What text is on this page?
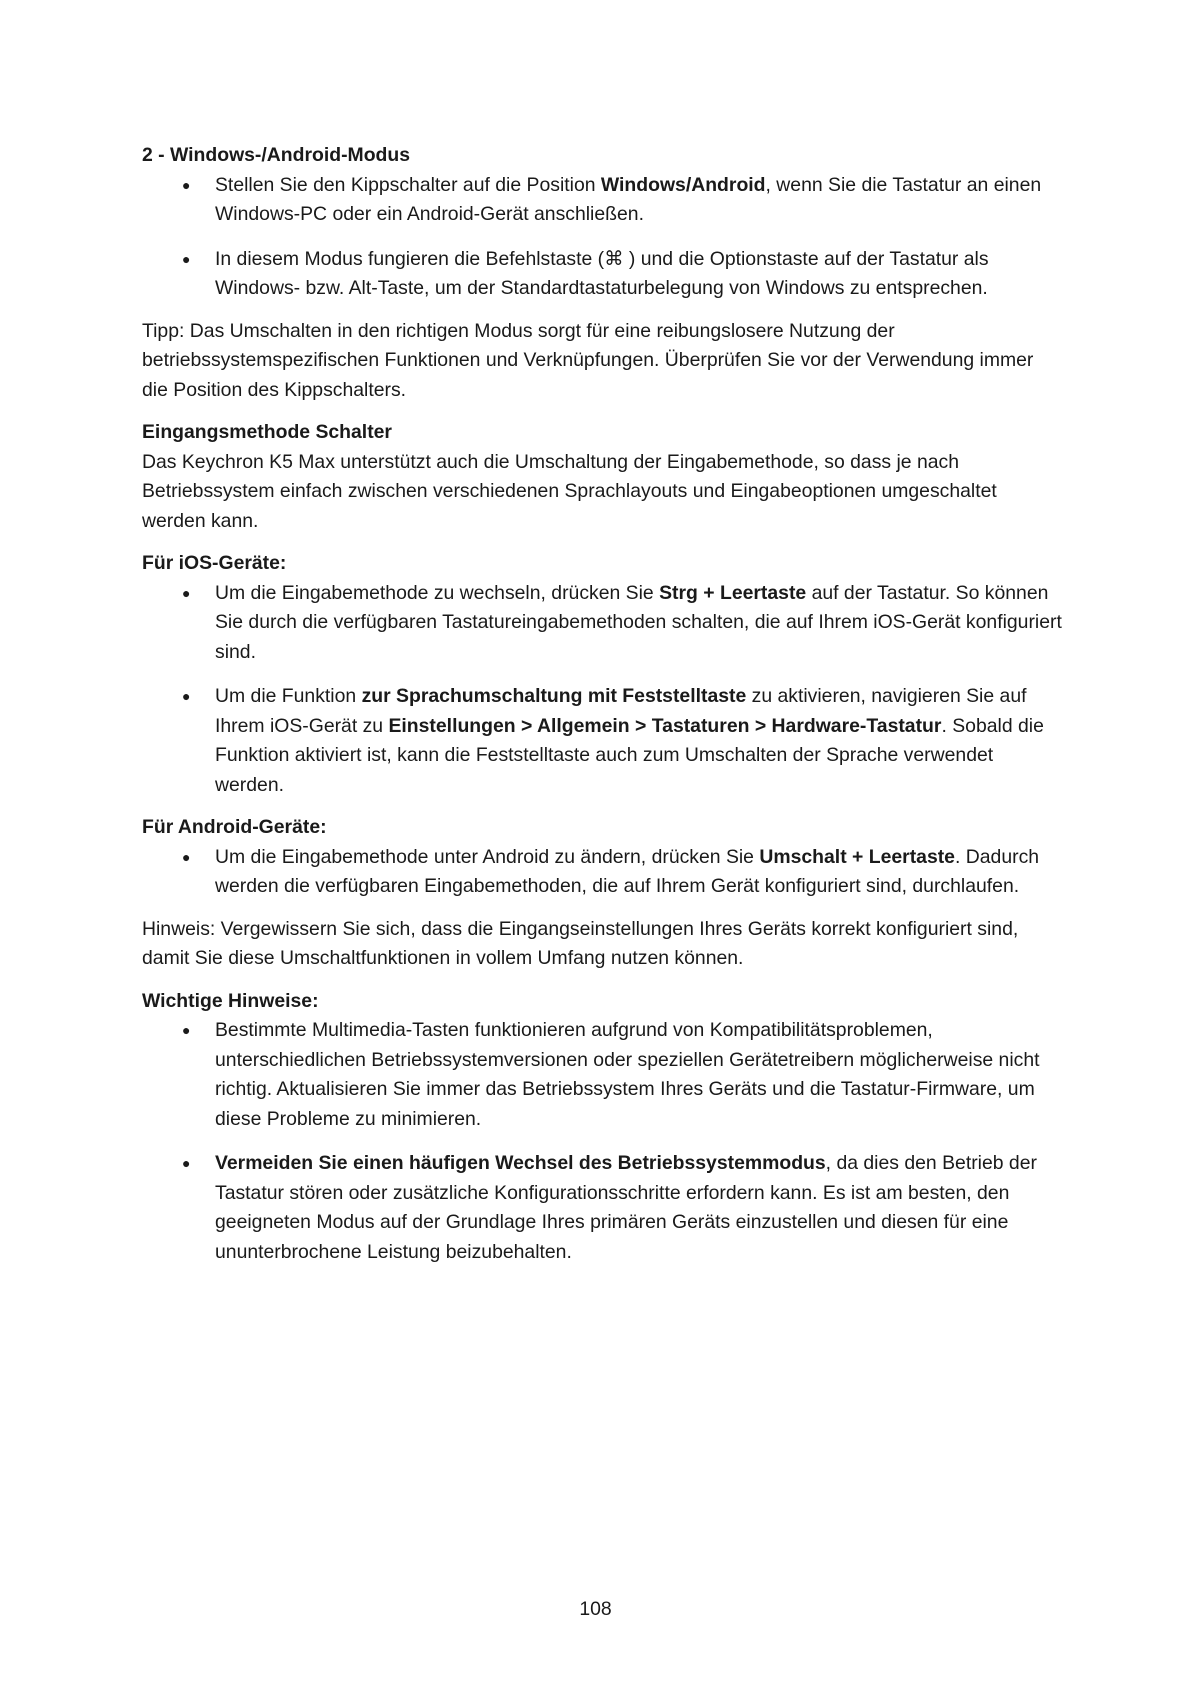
2 - Windows-/Android-Modus
● Stellen Sie den Kippschalter auf die Position Windows/Android, wenn Sie die Tastatur an einen Windows-PC oder ein Android-Gerät anschließen.
● In diesem Modus fungieren die Befehlstaste (⌘ ) und die Optionstaste auf der Tastatur als Windows- bzw. Alt-Taste, um der Standardtastaturbelegung von Windows zu entsprechen.

Tipp: Das Umschalten in den richtigen Modus sorgt für eine reibungslosere Nutzung der betriebssystemspezifischen Funktionen und Verknüpfungen. Überprüfen Sie vor der Verwendung immer die Position des Kippschalters.

Eingangsmethode Schalter

Das Keychron K5 Max unterstützt auch die Umschaltung der Eingabemethode, so dass je nach Betriebssystem einfach zwischen verschiedenen Sprachlayouts und Eingabeoptionen umgeschaltet werden kann.

Für iOS-Geräte:
● Um die Eingabemethode zu wechseln, drücken Sie Strg + Leertaste auf der Tastatur. So können Sie durch die verfügbaren Tastatureingabemethoden schalten, die auf Ihrem iOS-Gerät konfiguriert sind.
● Um die Funktion zur Sprachumschaltung mit Feststelltaste zu aktivieren, navigieren Sie auf Ihrem iOS-Gerät zu Einstellungen > Allgemein > Tastaturen > Hardware-Tastatur. Sobald die Funktion aktiviert ist, kann die Feststelltaste auch zum Umschalten der Sprache verwendet werden.
Für Android-Geräte:
● Um die Eingabemethode unter Android zu ändern, drücken Sie Umschalt + Leertaste. Dadurch werden die verfügbaren Eingabemethoden, die auf Ihrem Gerät konfiguriert sind, durchlaufen.

Hinweis: Vergewissern Sie sich, dass die Eingangseinstellungen Ihres Geräts korrekt konfiguriert sind, damit Sie diese Umschaltfunktionen in vollem Umfang nutzen können.

Wichtige Hinweise:
● Bestimmte Multimedia-Tasten funktionieren aufgrund von Kompatibilitätsproblemen, unterschiedlichen Betriebssystemversionen oder speziellen Gerätetreibern möglicherweise nicht richtig. Aktualisieren Sie immer das Betriebssystem Ihres Geräts und die Tastatur-Firmware, um diese Probleme zu minimieren.
● Vermeiden Sie einen häufigen Wechsel des Betriebssystemmodus, da dies den Betrieb der Tastatur stören oder zusätzliche Konfigurationsschritte erfordern kann. Es ist am besten, den geeigneten Modus auf der Grundlage Ihres primären Geräts einzustellen und diesen für eine ununterbrochene Leistung beizubehalten.
108
